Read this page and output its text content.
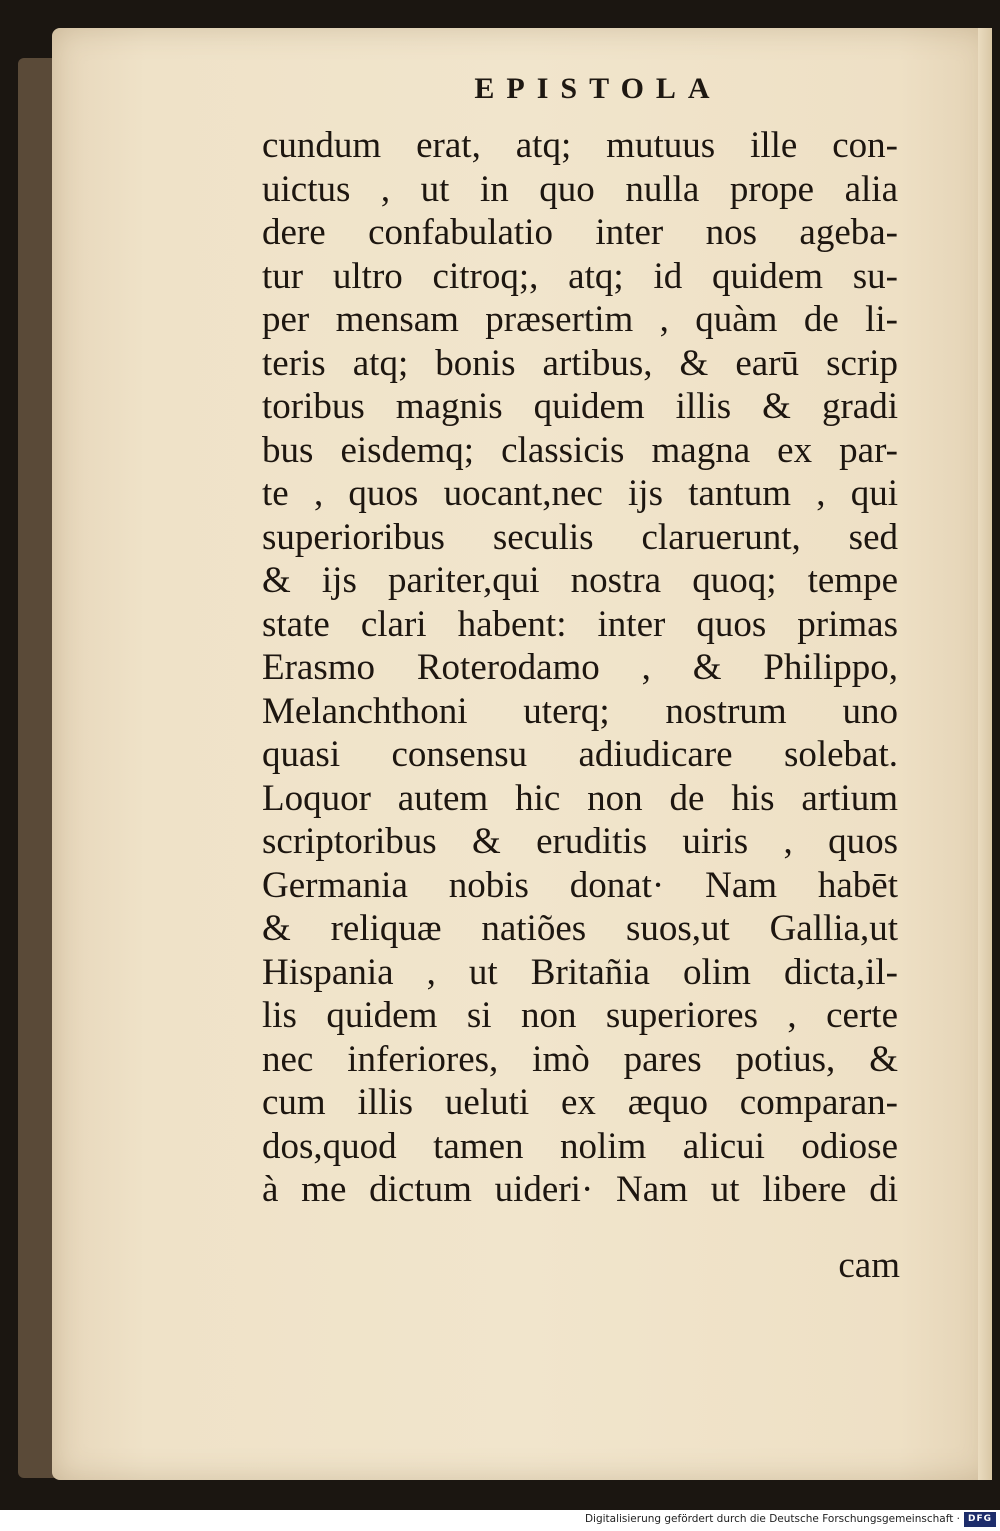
EPISTOLA
cundum erat, atq; mutuus ille con-
uictus , ut in quo nulla prope alia
dere confabulatio inter nos ageba-
tur ultro citroq;, atq; id quidem su-
per mensam præsertim , quàm de li-
teris atq; bonis artibus, & earū scrip
toribus magnis quidem illis & gradi
bus eisdemq; classicis magna ex par-
te , quos uocant,nec ijs tantum , qui
superioribus seculis claruerunt, sed
& ijs pariter,qui nostra quoq; tempe
state clari habent: inter quos primas
Erasmo Roterodamo , & Philippo,
Melanchthoni uterq; nostrum uno
quasi consensu adiudicare solebat.
Loquor autem hic non de his artium
scriptoribus & eruditis uiris , quos
Germania nobis donat· Nam habēt
& reliquæ natiões suos,ut Gallia,ut
Hispania , ut Britañia olim dicta,il-
lis quidem si non superiores , certe
nec inferiores, imò pares potius, &
cum illis ueluti ex æquo comparan-
dos,quod tamen nolim alicui odiose
à me dictum uideri· Nam ut libere di
cam
Digitalisierung gefördert durch die Deutsche Forschungsgemeinschaft · DFG
